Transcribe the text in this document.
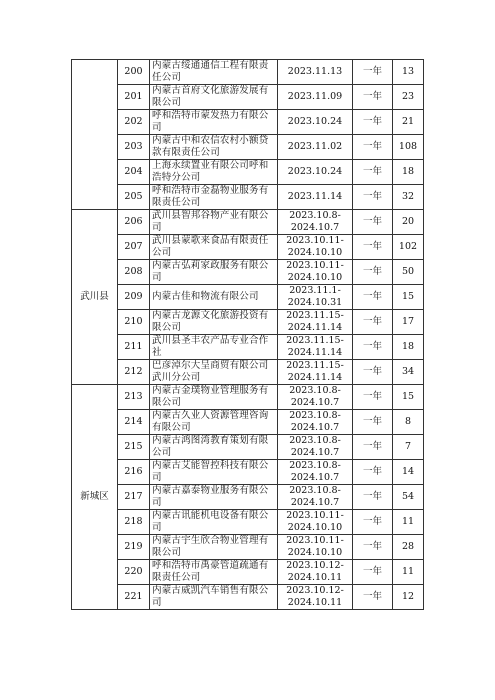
	200	内蒙古绥通通信工程有限责任公司	2023.11.13	一年	13
	201	内蒙古首府文化旅游发展有限公司	2023.11.09	一年	23
	202	呼和浩特市蒙发热力有限公司	2023.10.24	一年	21
	203	内蒙古中和农信农村小额贷款有限责任公司	2023.11.02	一年	108
	204	上海永续置业有限公司呼和浩特分公司	2023.10.24	一年	18
	205	呼和浩特市金磊物业服务有限责任公司	2023.11.14	一年	32
武川县	206	武川县智邦谷物产业有限公司	2023.10.8-2024.10.7	一年	20
	207	武川县蒙歌来食品有限责任公司	2023.10.11-2024.10.10	一年	102
	208	内蒙古弘莉家政服务有限公司	2023.10.11-2024.10.10	一年	50
	209	内蒙古佳和物流有限公司	2023.11.1-2024.10.31	一年	15
	210	内蒙古龙源文化旅游投资有限公司	2023.11.15-2024.11.14	一年	17
	211	武川县圣丰农产品专业合作社	2023.11.15-2024.11.14	一年	18
	212	巴彦淖尔大呈商贸有限公司武川分公司	2023.11.15-2024.11.14	一年	34
新城区	213	内蒙古金璞物业管理服务有限公司	2023.10.8-2024.10.7	一年	15
	214	内蒙古久业人资源管理咨询有限公司	2023.10.8-2024.10.7	一年	8
	215	内蒙古鸿图湾教育策划有限公司	2023.10.8-2024.10.7	一年	7
	216	内蒙古艾能智控科技有限公司	2023.10.8-2024.10.7	一年	14
	217	内蒙古嘉泰物业服务有限公司	2023.10.8-2024.10.7	一年	54
	218	内蒙古讯能机电设备有限公司	2023.10.11-2024.10.10	一年	11
	219	内蒙古宇生欣合物业管理有限公司	2023.10.11-2024.10.10	一年	28
	220	呼和浩特市禹豪管道疏通有限责任公司	2023.10.12-2024.10.11	一年	11
	221	内蒙古威凯汽车销售有限公司	2023.10.12-2024.10.11	一年	12
